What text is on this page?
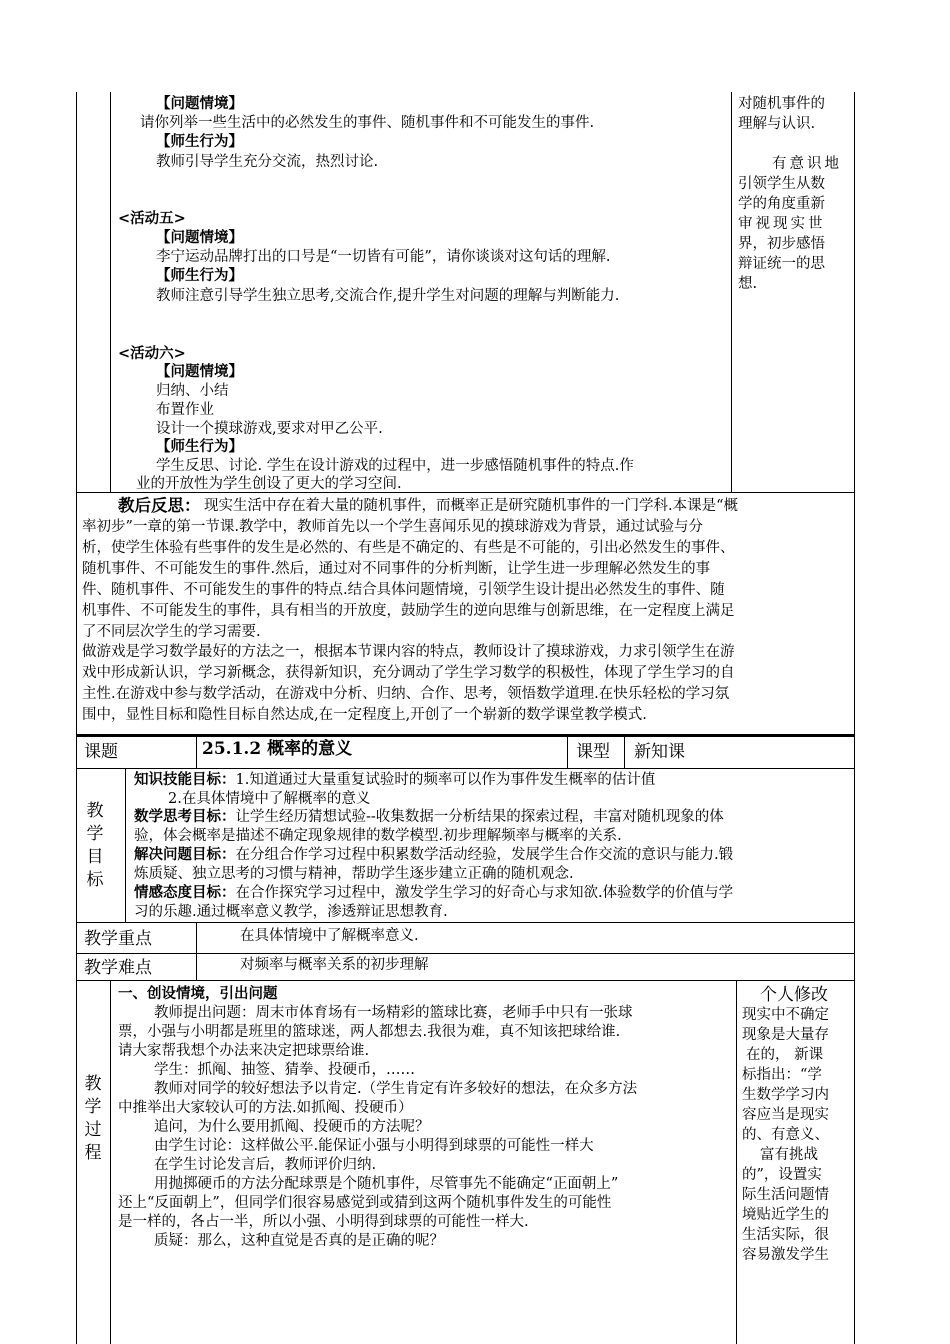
【问题情境】
请你列举一些生活中的必然发生的事件、随机事件和不可能发生的事件.
【师生行为】
教师引导学生充分交流，热烈讨论.
<活动五>
【问题情境】
李宁运动品牌打出的口号是“一切皆有可能”，请你谈谈对这句话的理解.
【师生行为】
教师注意引导学生独立思考,交流合作,提升学生对问题的理解与判断能力.
<活动六>
【问题情境】
归纳、小结
布置作业
设计一个摸球游戏,要求对甲乙公平.
【师生行为】
学生反思、讨论. 学生在设计游戏的过程中，进一步感悟随机事件的特点.作
业的开放性为学生创设了更大的学习空间.
对随机事件的
理解与认识.
有意识地
引领学生从数
学的角度重新
审视现实世
界，初步感悟
辩证统一的思
想.
教后反思： 现实生活中存在着大量的随机事件，而概率正是研究随机事件的一门学科.本课是“概
率初步”一章的第一节课.教学中，教师首先以一个学生喜闻乐见的摸球游戏为背景，通过试验与分
析，使学生体验有些事件的发生是必然的、有些是不确定的、有些是不可能的，引出必然发生的事件、
随机事件、不可能发生的事件.然后，通过对不同事件的分析判断，让学生进一步理解必然发生的事
件、随机事件、不可能发生的事件的特点.结合具体问题情境，引领学生设计提出必然发生的事件、随
机事件、不可能发生的事件，具有相当的开放度，鼓励学生的逆向思维与创新思维，在一定程度上满足
了不同层次学生的学习需要.
做游戏是学习数学最好的方法之一，根据本节课内容的特点，教师设计了摸球游戏，力求引领学生在游
戏中形成新认识，学习新概念，获得新知识，充分调动了学生学习数学的积极性，体现了学生学习的自
主性.在游戏中参与数学活动，在游戏中分析、归纳、合作、思考，领悟数学道理.在快乐轻松的学习氛
围中，显性目标和隐性目标自然达成,在一定程度上,开创了一个崭新的数学课堂教学模式.
课题	25.1.2 概率的意义	课型 新知课
教
学
目
标
知识技能目标：1.知道通过大量重复试验时的频率可以作为事件发生概率的估计值
2.在具体情境中了解概率的意义
数学思考目标：让学生经历猜想试验--收集数据一分析结果的探索过程，丰富对随机现象的体
验，体会概率是描述不确定现象规律的数学模型.初步理解频率与概率的关系.
解决问题目标：在分组合作学习过程中积累数学活动经验，发展学生合作交流的意识与能力.锻
炼质疑、独立思考的习惯与精神，帮助学生逐步建立正确的随机观念.
情感态度目标：在合作探究学习过程中，激发学生学习的好奇心与求知欲.体验数学的价值与学
习的乐趣.通过概率意义教学，渗透辩证思想教育.
教学重点	在具体情境中了解概率意义.
教学难点	对频率与概率关系的初步理解
教
学
过
程
一、创设情境，引出问题
教师提出问题：周末市体育场有一场精彩的篮球比赛，老师手中只有一张球
票，小强与小明都是班里的篮球迷，两人都想去.我很为难，真不知该把球给谁.
请大家帮我想个办法来决定把球票给谁.
学生：抓阄、抽签、猜拳、投硬币，……
教师对同学的较好想法予以肯定.（学生肯定有许多较好的想法，在众多方法
中推举出大家较认可的方法.如抓阄、投硬币）
追问，为什么要用抓阄、投硬币的方法呢？
由学生讨论：这样做公平.能保证小强与小明得到球票的可能性一样大
在学生讨论发言后，教师评价归纳.
用抛掷硬币的方法分配球票是个随机事件，尽管事先不能确定“正面朝上”
还上“反面朝上”，但同学们很容易感觉到或猜到这两个随机事件发生的可能性
是一样的，各占一半，所以小强、小明得到球票的可能性一样大.
质疑：那么，这种直觉是否真的是正确的呢？
个人修改
现实中不确定
现象是大量存
在的， 新课
标指出：“学
生数学学习内
容应当是现实
的、有意义、
富有挑战
的”，设置实
际生活问题情
境贴近学生的
生活实际，很
容易激发学生
